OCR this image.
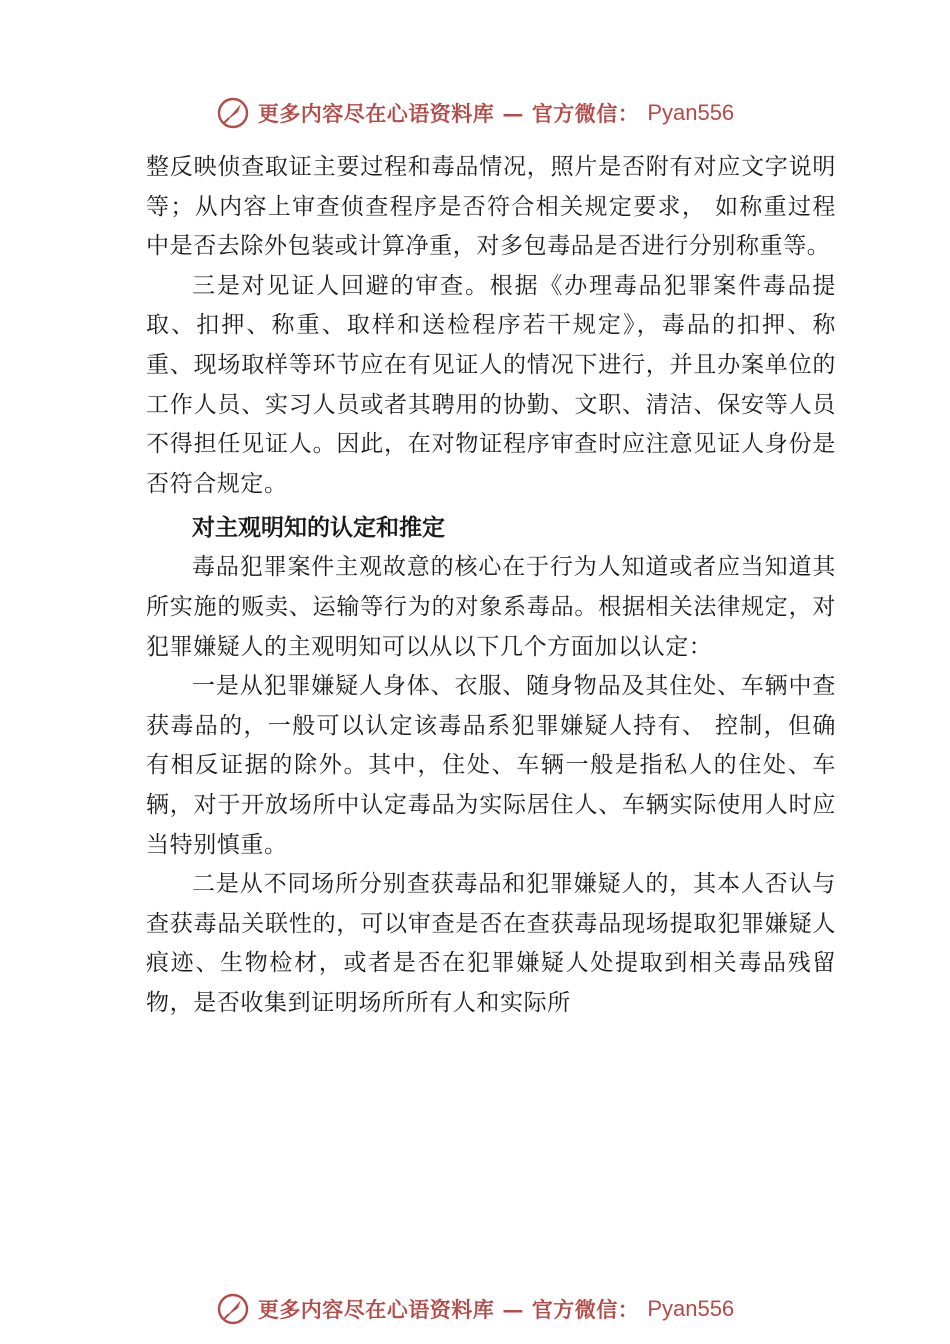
更多内容尽在心语资料库 — 官方微信： Pyan556

整反映侦查取证主要过程和毒品情况，照片是否附有对应文字说明等；从内容上审查侦查程序是否符合相关规定要求， 如称重过程中是否去除外包装或计算净重，对多包毒品是否进行分别称重等。

三是对见证人回避的审查。根据《办理毒品犯罪案件毒品提取、扣押、称重、取样和送检程序若干规定》，毒品的扣押、称重、现场取样等环节应在有见证人的情况下进行，并且办案单位的工作人员、实习人员或者其聘用的协勤、文职、清洁、保安等人员不得担任见证人。因此，在对物证程序审查时应注意见证人身份是否符合规定。

对主观明知的认定和推定

毒品犯罪案件主观故意的核心在于行为人知道或者应当知道其所实施的贩卖、运输等行为的对象系毒品。根据相关法律规定，对犯罪嫌疑人的主观明知可以从以下几个方面加以认定：

一是从犯罪嫌疑人身体、衣服、随身物品及其住处、车辆中查获毒品的，一般可以认定该毒品系犯罪嫌疑人持有、 控制，但确有相反证据的除外。其中，住处、车辆一般是指私人的住处、车辆，对于开放场所中认定毒品为实际居住人、车辆实际使用人时应当特别慎重。

二是从不同场所分别查获毒品和犯罪嫌疑人的，其本人否认与查获毒品关联性的，可以审查是否在查获毒品现场提取犯罪嫌疑人痕迹、生物检材，或者是否在犯罪嫌疑人处提取到相关毒品残留物，是否收集到证明场所所有人和实际所

更多内容尽在心语资料库 — 官方微信： Pyan556
